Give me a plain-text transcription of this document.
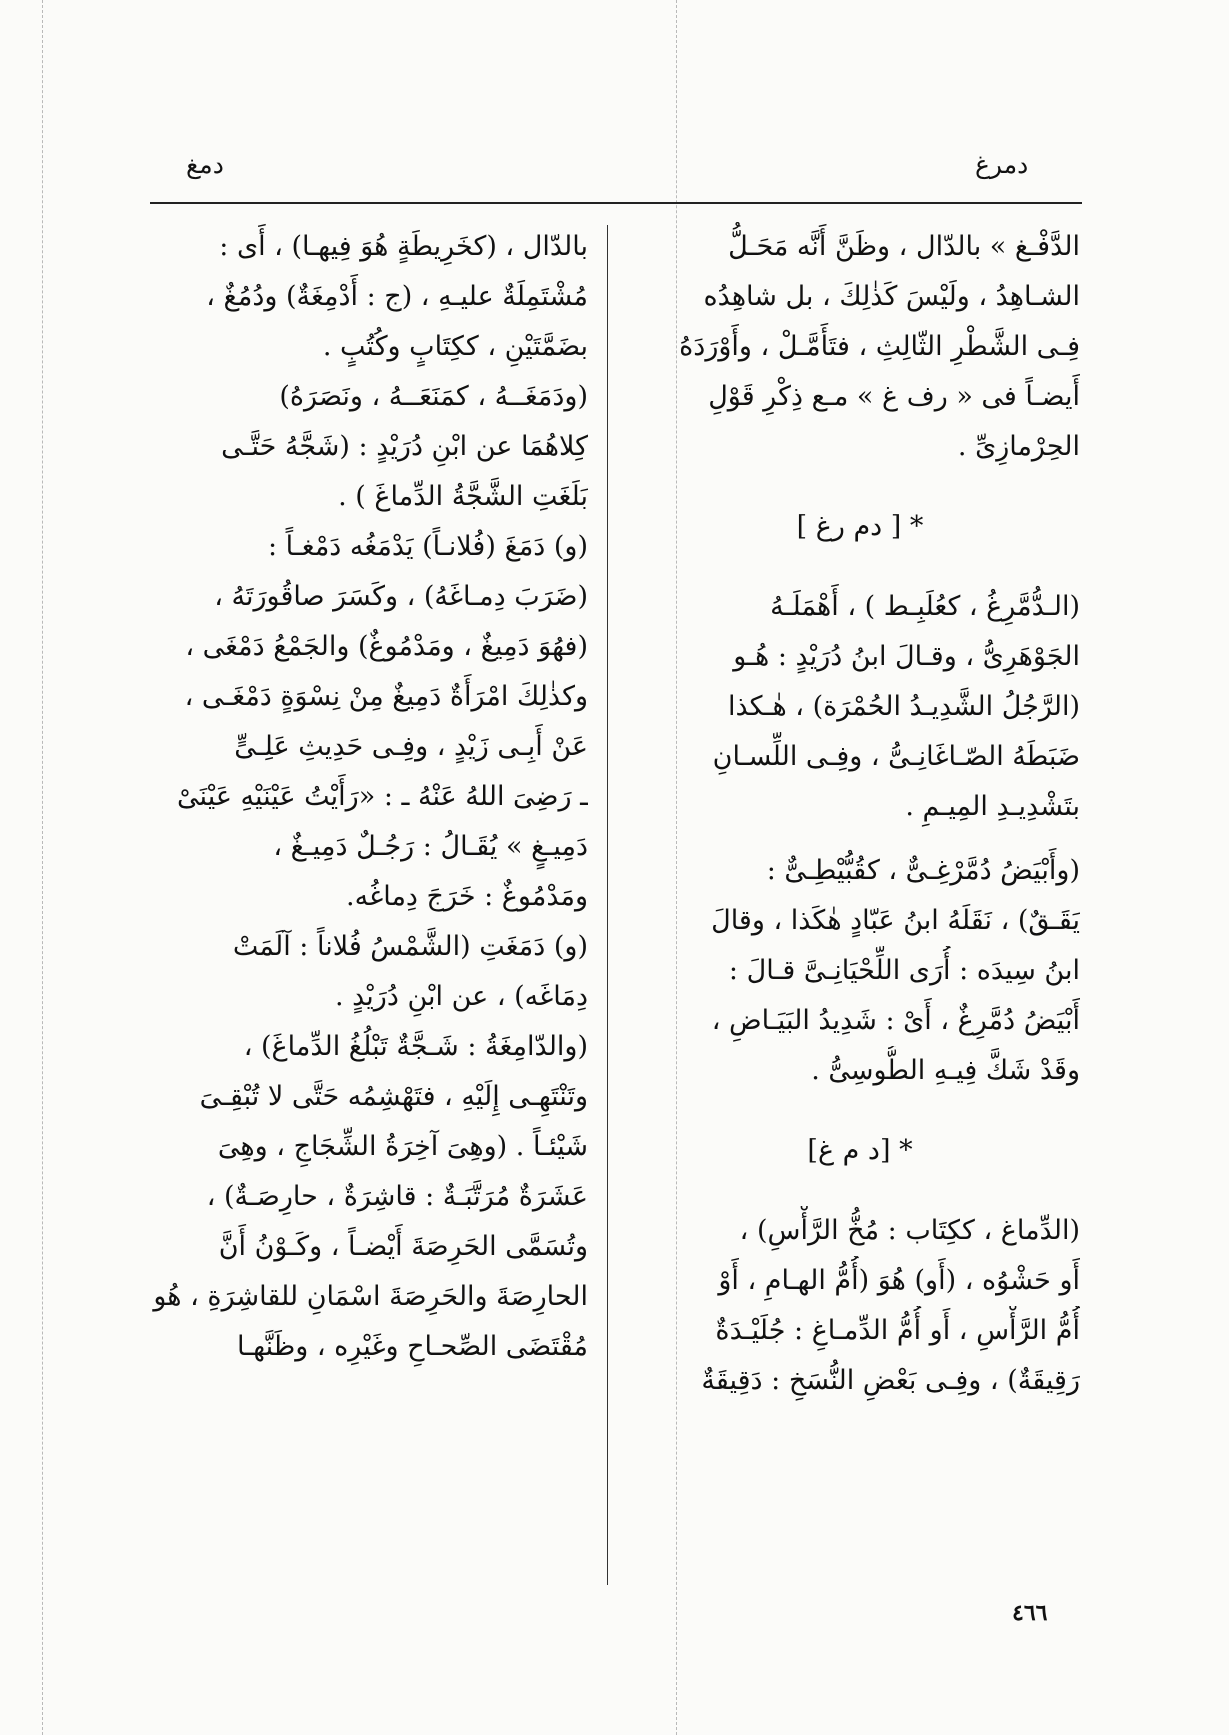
دمرغ
دمغ
الدَّفْـغ » بالدّال ، وظَنَّ أَنَّه مَحَـلُّ
الشـاهِدُ ، ولَيْسَ كَذٰلِكَ ، بل شاهِدُه
فِـى الشَّطْرِ الثّالِثِ ، فتَأَمَّـلْ ، وأَوْرَدَهُ
أَيضـاً فى « رف غ » مـع ذِكْرِ قَوْلِ
الحِرْمازِىِّ .
* [ دم رغ ]
(الـدُّمَّرِغُ ، كعُلَبِـط ) ، أَهْمَلَـهُ
الجَوْهَرِىُّ ، وقـالَ ابنُ دُرَيْدٍ : هُـو
(الرَّجُلُ الشَّدِيـدُ الحُمْرَة) ، هٰـكذا
ضَبَطَهُ الصّـاغَانِـىُّ ، وفِـى اللِّسـانِ
بتَشْدِيـدِ المِيـمِ .
(وأَبْيَضُ دُمَّرْغِـىٌّ ، كقُبُّيْطِـىٌّ :
يَقَـقٌ) ، نَقَلَهُ ابنُ عَبّادٍ هٰكَذا ، وقالَ
ابنُ سِيدَه : أُرَى اللِّحْيَانِـىَّ قـالَ :
أَبْيَضُ دُمَّرِغٌ ، أَىْ : شَدِيدُ البَيَـاضِ ،
وقَدْ شَكَّ فِيـهِ الطُّوسِىُّ .
* [د م غ]
(الدِّماغ ، ككِتَاب : مُخُّ الرَّأْسِ) ،
أَو حَشْوُه ، (أَو) هُوَ (أُمُّ الهـامِ ، أَوْ
أُمُّ الرَّأْسِ ، أَو أُمُّ الدِّمـاغِ : جُلَيْـدَةٌ
رَقِيقَةٌ) ، وفِـى بَعْضِ النُّسَخِ : دَقِيقَةٌ
بالدّال ، (كخَرِيطَةٍ هُوَ فِيهـا) ، أَى :
مُشْتَمِلَةٌ عليـهِ ، (ج : أَدْمِغَةٌ) ودُمُغٌ ،
بضَمَّتَيْنِ ، ككِتَابٍ وكُتُبٍ .
(ودَمَغَــهُ ، كمَنَعَــهُ ، ونَصَرَهُ)
كِلاهُمَا عن ابْنِ دُرَيْدٍ : (شَجَّهُ حَتَّـى
بَلَغَتِ الشَّجَّةُ الدِّماغَ ) .
(و) دَمَغَ (فُلانـاً) يَدْمَغُه دَمْغـاً :
(ضَرَبَ دِمـاغَهُ) ، وكَسَرَ صاقُورَتَهُ ،
(فهُوَ دَمِيغٌ ، ومَدْمُوغٌ) والجَمْعُ دَمْغَى ،
وكذٰلِكَ امْرَأَةٌ دَمِيغٌ مِنْ نِسْوَةٍ دَمْغَـى ،
عَنْ أَبِـى زَيْدٍ ، وفِـى حَدِيثِ عَلِـىٍّ
ـ رَضِىَ اللهُ عَنْهُ ـ : «رَأَيْتُ عَيْنَيْهِ عَيْنَىْ
دَمِيـغٍ » يُقَـالُ : رَجُـلٌ دَمِيـغٌ ،
ومَدْمُوغٌ : خَرَجَ دِماغُه.
(و) دَمَغَتِ (الشَّمْسُ فُلاناً : آلَمَتْ
دِمَاغَه) ، عن ابْنِ دُرَيْدٍ .
(والدّامِغَةُ : شَـجَّةٌ تَبْلُغُ الدِّماغَ) ،
وتَنْتَهِـى إِلَيْهِ ، فتَهْشِمُه حَتَّى لا تُبْقِـىَ
شَيْئـاً . (وهِىَ آخِرَةُ الشِّجَاجِ ، وهِىَ
عَشَرَةٌ مُرَتَّبَـةٌ : قاشِرَةٌ ، حارِصَـةٌ) ،
وتُسَمَّى الحَرِصَةَ أَيْضـاً ، وكَـوْنُ أَنَّ
الحارِصَةَ والحَرِصَةَ اسْمَانِ للقاشِرَةِ ، هُو
مُقْتَضَى الصِّحـاحِ وغَيْرِه ، وظَنَّهـا
٤٦٦
